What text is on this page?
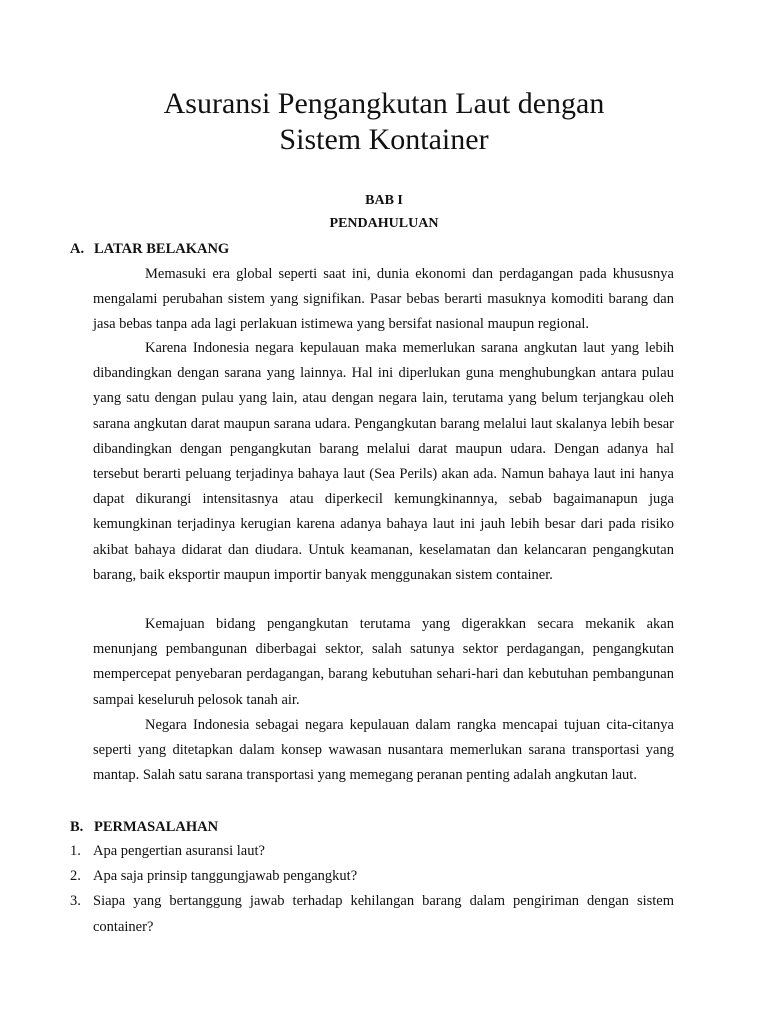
Asuransi Pengangkutan Laut dengan
Sistem Kontainer

BAB I

PENDAHULUAN

A. LATAR BELAKANG

Memasuki era global seperti saat ini, dunia ekonomi dan perdagangan pada khususnya mengalami perubahan sistem yang signifikan. Pasar bebas berarti masuknya komoditi barang dan jasa bebas tanpa ada lagi perlakuan istimewa yang bersifat nasional maupun regional.

Karena Indonesia negara kepulauan maka memerlukan sarana angkutan laut yang lebih dibandingkan dengan sarana yang lainnya. Hal ini diperlukan guna menghubungkan antara pulau yang satu dengan pulau yang lain, atau dengan negara lain, terutama yang belum terjangkau oleh sarana angkutan darat maupun sarana udara. Pengangkutan barang melalui laut skalanya lebih besar dibandingkan dengan pengangkutan barang melalui darat maupun udara. Dengan adanya hal tersebut berarti peluang terjadinya bahaya laut (Sea Perils) akan ada. Namun bahaya laut ini hanya dapat dikurangi intensitasnya atau diperkecil kemungkinannya, sebab bagaimanapun juga kemungkinan terjadinya kerugian karena adanya bahaya laut ini jauh lebih besar dari pada risiko akibat bahaya didarat dan diudara. Untuk keamanan, keselamatan dan kelancaran pengangkutan barang, baik eksportir maupun importir banyak menggunakan sistem container.

Kemajuan bidang pengangkutan terutama yang digerakkan secara mekanik akan menunjang pembangunan diberbagai sektor, salah satunya sektor perdagangan, pengangkutan mempercepat penyebaran perdagangan, barang kebutuhan sehari-hari dan kebutuhan pembangunan sampai keseluruh pelosok tanah air.

Negara Indonesia sebagai negara kepulauan dalam rangka mencapai tujuan cita-citanya seperti yang ditetapkan dalam konsep wawasan nusantara memerlukan sarana transportasi yang mantap. Salah satu sarana transportasi yang memegang peranan penting adalah angkutan laut.

B. PERMASALAHAN
1. Apa pengertian asuransi laut?
2. Apa saja prinsip tanggungjawab pengangkut?
3. Siapa yang bertanggung jawab terhadap kehilangan barang dalam pengiriman dengan sistem container?
